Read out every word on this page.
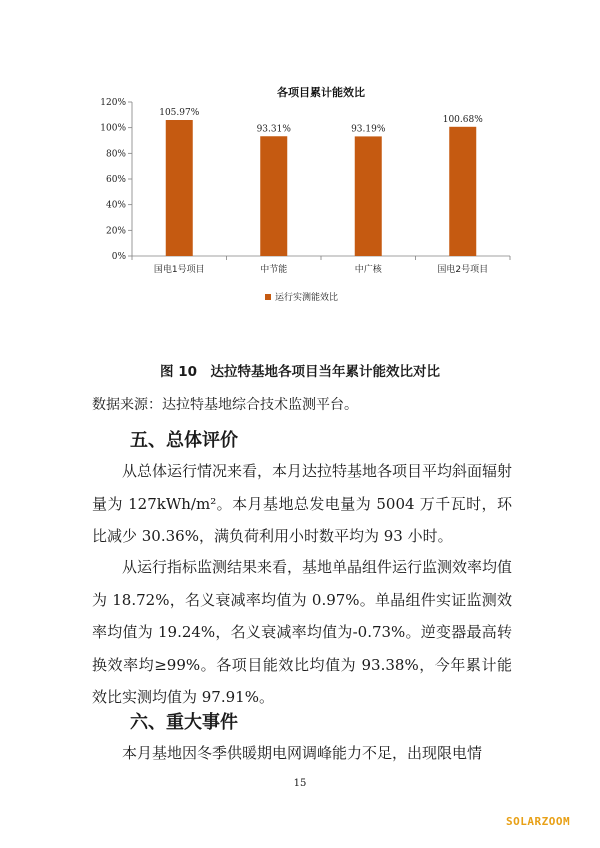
各项目累计能效比
0%
20%
40%
60%
80%
100%
120%
105.97%
国电1号项目
93.31%
中节能
93.19%
中广核
100.68%
国电2号项目
运行实测能效比
图 10　达拉特基地各项目当年累计能效比对比
数据来源：达拉特基地综合技术监测平台。
五、总体评价

从总体运行情况来看，本月达拉特基地各项目平均斜面辐射量为 127kWh/m²。本月基地总发电量为 5004 万千瓦时，环比减少 30.36%，满负荷利用小时数平均为 93 小时。

从运行指标监测结果来看，基地单晶组件运行监测效率均值为 18.72%，名义衰减率均值为 0.97%。单晶组件实证监测效率均值为 19.24%，名义衰减率均值为-0.73%。逆变器最高转换效率均≥99%。各项目能效比均值为 93.38%，今年累计能效比实测均值为 97.91%。

六、重大事件

本月基地因冬季供暖期电网调峰能力不足，出现限电情

15
SOLARZOOM
